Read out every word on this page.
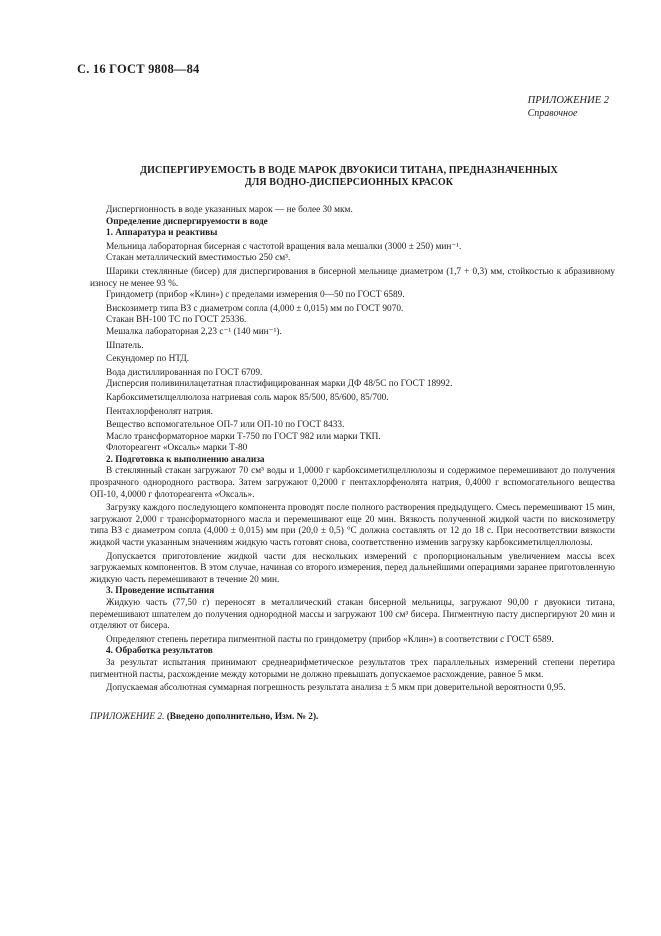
С. 16 ГОСТ 9808—84
ПРИЛОЖЕНИЕ 2
Справочное
ДИСПЕРГИРУЕМОСТЬ В ВОДЕ МАРОК ДВУОКИСИ ТИТАНА, ПРЕДНАЗНАЧЕННЫХ
ДЛЯ ВОДНО-ДИСПЕРСИОННЫХ КРАСОК

Диспергионность в воде указанных марок — не более 30 мкм.

Определение диспергируемости в воде

1. Аппаратура и реактивы

Мельница лабораторная бисерная с частотой вращения вала мешалки (3000 ± 250) мин⁻¹.

Стакан металлический вместимостью 250 см³.

Шарики стеклянные (бисер) для диспергирования в бисерной мельнице диаметром (1,7 + 0,3) мм, стойкостью к абразивному износу не менее 93 %.

Гриндометр (прибор «Клин») с пределами измерения 0—50 по ГОСТ 6589.

Вискозиметр типа ВЗ с диаметром сопла (4,000 ± 0,015) мм по ГОСТ 9070.

Стакан ВН-100 ТС по ГОСТ 25336.

Мешалка лабораторная 2,23 с⁻¹ (140 мин⁻¹).

Шпатель.

Секундомер по НТД.

Вода дистиллированная по ГОСТ 6709.

Дисперсия поливинилацетатная пластифицированная марки ДФ 48/5С по ГОСТ 18992.

Карбоксиметилцеллюлоза натриевая соль марок 85/500, 85/600, 85/700.

Пентахлорфенолят натрия.

Вещество вспомогательное ОП-7 или ОП-10 по ГОСТ 8433.

Масло трансформаторное марки Т-750 по ГОСТ 982 или марки ТКП.

Флотореагент «Оксаль» марки Т-80

2. Подготовка к выполнению анализа

В стеклянный стакан загружают 70 см³ воды и 1,0000 г карбоксиметилцеллюлозы и содержимое перемешивают до получения прозрачного однородного раствора. Затем загружают 0,2000 г пентахлорфенолята натрия, 0,4000 г вспомогательного вещества ОП-10, 4,0000 г флотореагента «Оксаль».

Загрузку каждого последующего компонента проводят после полного растворения предыдущего. Смесь перемешивают 15 мин, загружают 2,000 г трансформаторного масла и перемешивают еще 20 мин. Вязкость полученной жидкой части по вискозиметру типа ВЗ с диаметром сопла (4,000 ± 0,015) мм при (20,0 ± 0,5) °С должна составлять от 12 до 18 с. При несоответствии вязкости жидкой части указанным значениям жидкую часть готовят снова, соответственно изменив загрузку карбоксиметилцеллюлозы.

Допускается приготовление жидкой части для нескольких измерений с пропорциональным увеличением массы всех загружаемых компонентов. В этом случае, начиная со второго измерения, перед дальнейшими операциями заранее приготовленную жидкую часть перемешивают в течение 20 мин.

3. Проведение испытания

Жидкую часть (77,50 г) переносят в металлический стакан бисерной мельницы, загружают 90,00 г двуокиси титана, перемешивают шпателем до получения однородной массы и загружают 100 см³ бисера. Пигментную пасту диспергируют 20 мин и отделяют от бисера.

Определяют степень перетира пигментной пасты по гриндометру (прибор «Клин») в соответствии с ГОСТ 6589.

4. Обработка результатов

За результат испытания принимают среднеарифметическое результатов трех параллельных измерений степени перетира пигментной пасты, расхождение между которыми не должно превышать допускаемое расхождение, равное 5 мкм.

Допускаемая абсолютная суммарная погрешность результата анализа ± 5 мкм при доверительной вероятности 0,95.

ПРИЛОЖЕНИЕ 2. (Введено дополнительно, Изм. № 2).
